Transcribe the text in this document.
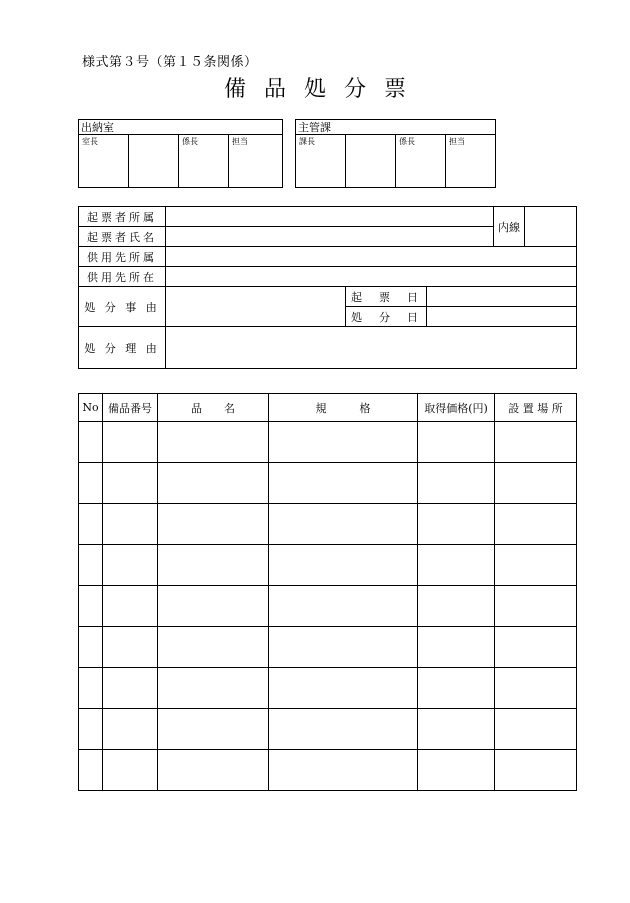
様式第３号（第１５条関係）
備 品 処 分 票
出納室
室長		係長	担当
主管課
課長		係長	担当
起票者所属				内線	
起票者氏名					
供用先所属					
供用先所在					
処 分 事 由		起　票　日			
		処　分　日			
処 分 理 由					
No	備品番号	品　　名	規　　　格	取得価格(円)	設 置 場 所
